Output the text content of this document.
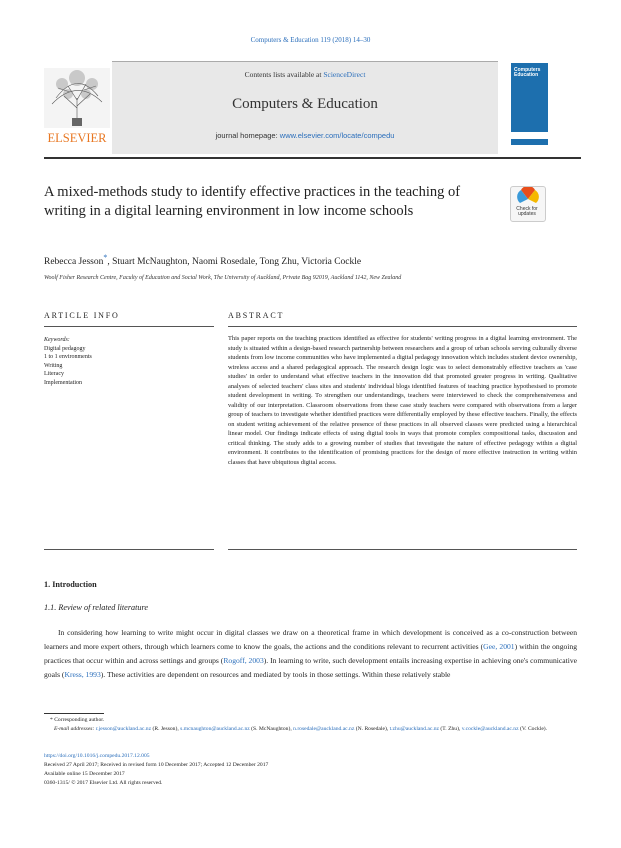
Computers & Education 119 (2018) 14–30
ELSEVIER
Contents lists available at ScienceDirect
Computers & Education
journal homepage: www.elsevier.com/locate/compedu
Computers
Education
A mixed-methods study to identify effective practices in the teaching of writing in a digital learning environment in low income schools	Check for
updates
Rebecca Jesson*, Stuart McNaughton, Naomi Rosedale, Tong Zhu, Victoria Cockle
Woolf Fisher Research Centre, Faculty of Education and Social Work, The University of Auckland, Private Bag 92019, Auckland 1142, New Zealand
ARTICLE INFO
Keywords:
Digital pedagogy
1 to 1 environments
Writing
Literacy
Implementation
ABSTRACT
This paper reports on the teaching practices identified as effective for students' writing progress in a digital learning environment. The study is situated within a design-based research partnership between researchers and a group of urban schools serving culturally diverse students from low income communities who have implemented a digital pedagogy innovation which includes student device ownership, wireless access and a shared pedagogical approach. The research design logic was to select demonstrably effective teachers as 'case studies' in order to understand what effective teachers in the innovation did that promoted greater progress in writing. Qualitative analyses of selected teachers' class sites and students' individual blogs identified features of teaching practice hypothesised to promote student development in writing. To strengthen our understandings, teachers were interviewed to check the comprehensiveness and validity of our interpretation. Classroom observations from these case study teachers were compared with observations from a larger group of teachers to investigate whether identified practices were differentially employed by these effective teachers. Finally, the effects on student writing achievement of the relative presence of these practices in all observed classes were predicted using a hierarchical linear model. Our findings indicate effects of using digital tools in ways that promote complex compositional tasks, discussion and critical thinking. The study adds to a growing number of studies that investigate the nature of effective pedagogy within a digital environment. It contributes to the identification of promising practices for the design of more effective instruction in writing within classes that have ubiquitous digital access.
1. Introduction
1.1. Review of related literature
In considering how learning to write might occur in digital classes we draw on a theoretical frame in which development is conceived as a co-construction between learners and more expert others, through which learners come to know the goals, the actions and the conditions relevant to recurrent activities (Gee, 2001) within the ongoing practices that occur within and across settings and groups (Rogoff, 2003). In learning to write, such development entails increasing expertise in achieving one's communicative goals (Kress, 1993). These activities are dependent on resources and mediated by tools in those settings. Within these relatively stable
* Corresponding author.
E-mail addresses: r.jesson@auckland.ac.nz (R. Jesson), s.mcnaughton@auckland.ac.nz (S. McNaughton), n.rosedale@auckland.ac.nz (N. Rosedale), t.zhu@auckland.ac.nz (T. Zhu), v.cockle@auckland.ac.nz (V. Cockle).
https://doi.org/10.1016/j.compedu.2017.12.005
Received 27 April 2017; Received in revised form 10 December 2017; Accepted 12 December 2017
Available online 15 December 2017
0360-1315/ © 2017 Elsevier Ltd. All rights reserved.
